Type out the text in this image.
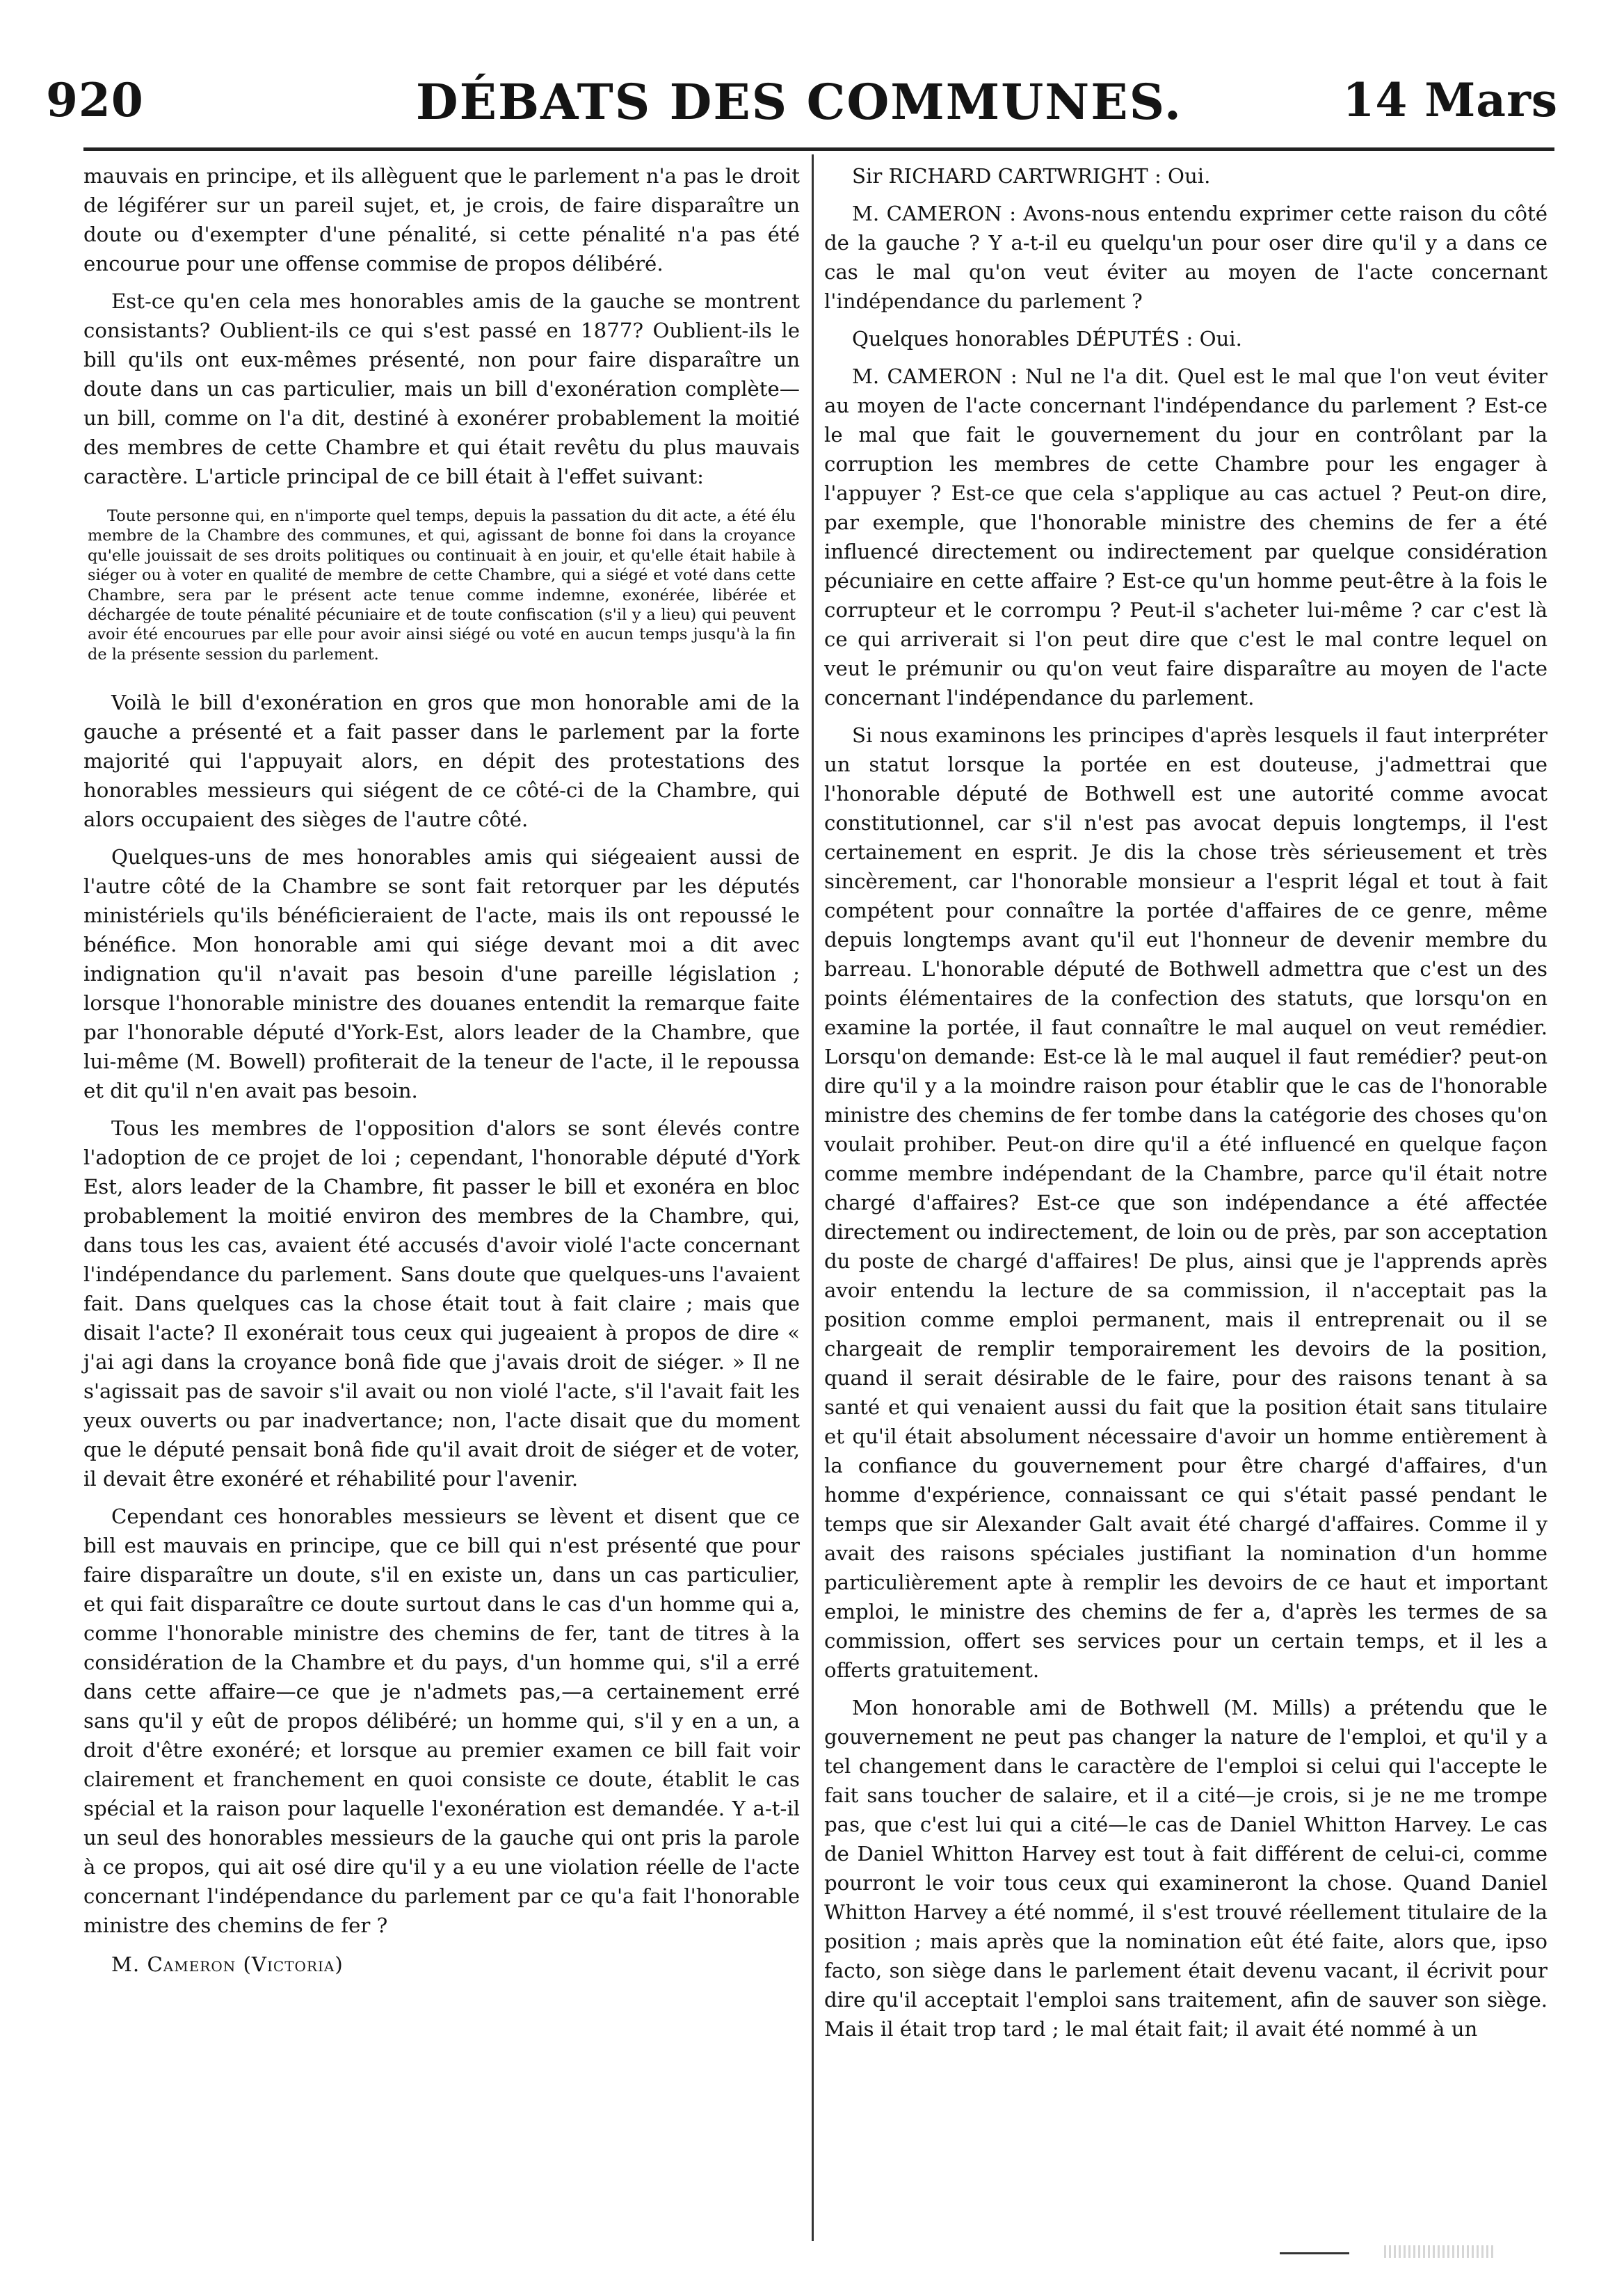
920	DÉBATS DES COMMUNES.	14 Mars

mauvais en principe, et ils allèguent que le parlement n'a pas le droit de légiférer sur un pareil sujet, et, je crois, de faire disparaître un doute ou d'exempter d'une pénalité, si cette pénalité n'a pas été encourue pour une offense commise de propos délibéré.

Est-ce qu'en cela mes honorables amis de la gauche se montrent consistants? Oublient-ils ce qui s'est passé en 1877? Oublient-ils le bill qu'ils ont eux-mêmes présenté, non pour faire disparaître un doute dans un cas particulier, mais un bill d'exonération complète—un bill, comme on l'a dit, destiné à exonérer probablement la moitié des membres de cette Chambre et qui était revêtu du plus mauvais caractère. L'article principal de ce bill était à l'effet suivant:

Toute personne qui, en n'importe quel temps, depuis la passation du dit acte, a été élu membre de la Chambre des communes, et qui, agissant de bonne foi dans la croyance qu'elle jouissait de ses droits politiques ou continuait à en jouir, et qu'elle était habile à siéger ou à voter en qualité de membre de cette Chambre, qui a siégé et voté dans cette Chambre, sera par le présent acte tenue comme indemne, exonérée, libérée et déchargée de toute pénalité pécuniaire et de toute confiscation (s'il y a lieu) qui peuvent avoir été encourues par elle pour avoir ainsi siégé ou voté en aucun temps jusqu'à la fin de la présente session du parlement.

Voilà le bill d'exonération en gros que mon honorable ami de la gauche a présenté et a fait passer dans le parlement par la forte majorité qui l'appuyait alors, en dépit des protestations des honorables messieurs qui siégent de ce côté-ci de la Chambre, qui alors occupaient des sièges de l'autre côté.

Quelques-uns de mes honorables amis qui siégeaient aussi de l'autre côté de la Chambre se sont fait retorquer par les députés ministériels qu'ils bénéficieraient de l'acte, mais ils ont repoussé le bénéfice. Mon honorable ami qui siége devant moi a dit avec indignation qu'il n'avait pas besoin d'une pareille législation ; lorsque l'honorable ministre des douanes entendit la remarque faite par l'honorable député d'York-Est, alors leader de la Chambre, que lui-même (M. Bowell) profiterait de la teneur de l'acte, il le repoussa et dit qu'il n'en avait pas besoin.

Tous les membres de l'opposition d'alors se sont élevés contre l'adoption de ce projet de loi ; cependant, l'honorable député d'York Est, alors leader de la Chambre, fit passer le bill et exonéra en bloc probablement la moitié environ des membres de la Chambre, qui, dans tous les cas, avaient été accusés d'avoir violé l'acte concernant l'indépendance du parlement. Sans doute que quelques-uns l'avaient fait. Dans quelques cas la chose était tout à fait claire ; mais que disait l'acte? Il exonérait tous ceux qui jugeaient à propos de dire « j'ai agi dans la croyance bonâ fide que j'avais droit de siéger. » Il ne s'agissait pas de savoir s'il avait ou non violé l'acte, s'il l'avait fait les yeux ouverts ou par inadvertance; non, l'acte disait que du moment que le député pensait bonâ fide qu'il avait droit de siéger et de voter, il devait être exonéré et réhabilité pour l'avenir.

Cependant ces honorables messieurs se lèvent et disent que ce bill est mauvais en principe, que ce bill qui n'est présenté que pour faire disparaître un doute, s'il en existe un, dans un cas particulier, et qui fait disparaître ce doute surtout dans le cas d'un homme qui a, comme l'honorable ministre des chemins de fer, tant de titres à la considération de la Chambre et du pays, d'un homme qui, s'il a erré dans cette affaire—ce que je n'admets pas,—a certainement erré sans qu'il y eût de propos délibéré; un homme qui, s'il y en a un, a droit d'être exonéré; et lorsque au premier examen ce bill fait voir clairement et franchement en quoi consiste ce doute, établit le cas spécial et la raison pour laquelle l'exonération est demandée. Y a-t-il un seul des honorables messieurs de la gauche qui ont pris la parole à ce propos, qui ait osé dire qu'il y a eu une violation réelle de l'acte concernant l'indépendance du parlement par ce qu'a fait l'honorable ministre des chemins de fer ?

M. Cameron (Victoria)

Sir RICHARD CARTWRIGHT : Oui.

M. CAMERON : Avons-nous entendu exprimer cette raison du côté de la gauche ? Y a-t-il eu quelqu'un pour oser dire qu'il y a dans ce cas le mal qu'on veut éviter au moyen de l'acte concernant l'indépendance du parlement ?

Quelques honorables DÉPUTÉS : Oui.

M. CAMERON : Nul ne l'a dit. Quel est le mal que l'on veut éviter au moyen de l'acte concernant l'indépendance du parlement ? Est-ce le mal que fait le gouvernement du jour en contrôlant par la corruption les membres de cette Chambre pour les engager à l'appuyer ? Est-ce que cela s'applique au cas actuel ? Peut-on dire, par exemple, que l'honorable ministre des chemins de fer a été influencé directement ou indirectement par quelque considération pécuniaire en cette affaire ? Est-ce qu'un homme peut-être à la fois le corrupteur et le corrompu ? Peut-il s'acheter lui-même ? car c'est là ce qui arriverait si l'on peut dire que c'est le mal contre lequel on veut le prémunir ou qu'on veut faire disparaître au moyen de l'acte concernant l'indépendance du parlement.

Si nous examinons les principes d'après lesquels il faut interpréter un statut lorsque la portée en est douteuse, j'admettrai que l'honorable député de Bothwell est une autorité comme avocat constitutionnel, car s'il n'est pas avocat depuis longtemps, il l'est certainement en esprit. Je dis la chose très sérieusement et très sincèrement, car l'honorable monsieur a l'esprit légal et tout à fait compétent pour connaître la portée d'affaires de ce genre, même depuis longtemps avant qu'il eut l'honneur de devenir membre du barreau. L'honorable député de Bothwell admettra que c'est un des points élémentaires de la confection des statuts, que lorsqu'on en examine la portée, il faut connaître le mal auquel on veut remédier. Lorsqu'on demande: Est-ce là le mal auquel il faut remédier? peut-on dire qu'il y a la moindre raison pour établir que le cas de l'honorable ministre des chemins de fer tombe dans la catégorie des choses qu'on voulait prohiber. Peut-on dire qu'il a été influencé en quelque façon comme membre indépendant de la Chambre, parce qu'il était notre chargé d'affaires? Est-ce que son indépendance a été affectée directement ou indirectement, de loin ou de près, par son acceptation du poste de chargé d'affaires! De plus, ainsi que je l'apprends après avoir entendu la lecture de sa commission, il n'acceptait pas la position comme emploi permanent, mais il entreprenait ou il se chargeait de remplir temporairement les devoirs de la position, quand il serait désirable de le faire, pour des raisons tenant à sa santé et qui venaient aussi du fait que la position était sans titulaire et qu'il était absolument nécessaire d'avoir un homme entièrement à la confiance du gouvernement pour être chargé d'affaires, d'un homme d'expérience, connaissant ce qui s'était passé pendant le temps que sir Alexander Galt avait été chargé d'affaires. Comme il y avait des raisons spéciales justifiant la nomination d'un homme particulièrement apte à remplir les devoirs de ce haut et important emploi, le ministre des chemins de fer a, d'après les termes de sa commission, offert ses services pour un certain temps, et il les a offerts gratuitement.

Mon honorable ami de Bothwell (M. Mills) a prétendu que le gouvernement ne peut pas changer la nature de l'emploi, et qu'il y a tel changement dans le caractère de l'emploi si celui qui l'accepte le fait sans toucher de salaire, et il a cité—je crois, si je ne me trompe pas, que c'est lui qui a cité—le cas de Daniel Whitton Harvey. Le cas de Daniel Whitton Harvey est tout à fait différent de celui-ci, comme pourront le voir tous ceux qui examineront la chose. Quand Daniel Whitton Harvey a été nommé, il s'est trouvé réellement titulaire de la position ; mais après que la nomination eût été faite, alors que, ipso facto, son siège dans le parlement était devenu vacant, il écrivit pour dire qu'il acceptait l'emploi sans traitement, afin de sauver son siège. Mais il était trop tard ; le mal était fait; il avait été nommé à un
